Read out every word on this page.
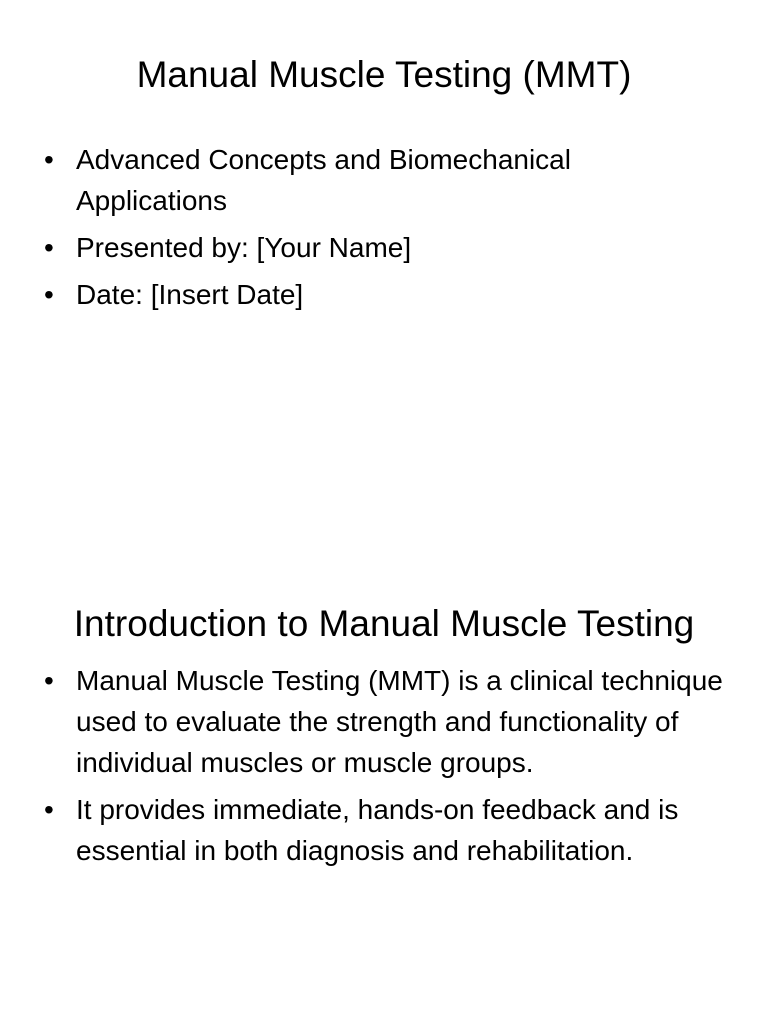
Manual Muscle Testing (MMT)
• Advanced Concepts and Biomechanical Applications
• Presented by: [Your Name]
• Date: [Insert Date]
Introduction to Manual Muscle Testing
• Manual Muscle Testing (MMT) is a clinical technique used to evaluate the strength and functionality of individual muscles or muscle groups.
• It provides immediate, hands-on feedback and is essential in both diagnosis and rehabilitation.
